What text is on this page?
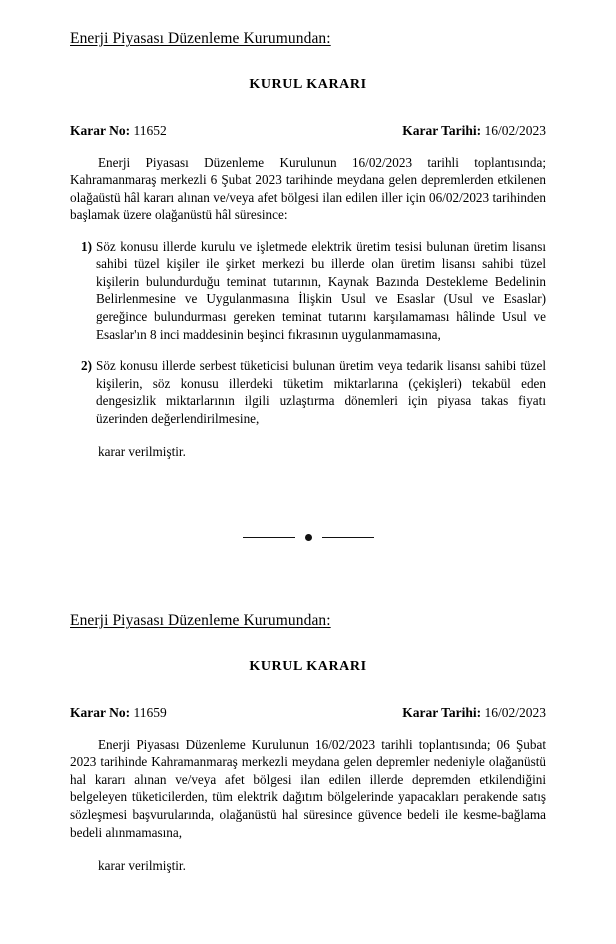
Enerji Piyasası Düzenleme Kurumundan:
KURUL KARARI
Karar No: 11652	Karar Tarihi: 16/02/2023

Enerji Piyasası Düzenleme Kurulunun 16/02/2023 tarihli toplantısında; Kahramanmaraş merkezli 6 Şubat 2023 tarihinde meydana gelen depremlerden etkilenen olağaüstü hâl kararı alınan ve/veya afet bölgesi ilan edilen iller için 06/02/2023 tarihinden başlamak üzere olağanüstü hâl süresince:

1) Söz konusu illerde kurulu ve işletmede elektrik üretim tesisi bulunan üretim lisansı sahibi tüzel kişiler ile şirket merkezi bu illerde olan üretim lisansı sahibi tüzel kişilerin bulundurduğu teminat tutarının, Kaynak Bazında Destekleme Bedelinin Belirlenmesine ve Uygulanmasına İlişkin Usul ve Esaslar (Usul ve Esaslar) gereğince bulundurması gereken teminat tutarını karşılamaması hâlinde Usul ve Esaslar'ın 8 inci maddesinin beşinci fıkrasının uygulanmamasına,
2) Söz konusu illerde serbest tüketicisi bulunan üretim veya tedarik lisansı sahibi tüzel kişilerin, söz konusu illerdeki tüketim miktarlarına (çekişleri) tekabül eden dengesizlik miktarlarının ilgili uzlaştırma dönemleri için piyasa takas fiyatı üzerinden değerlendirilmesine,

karar verilmiştir.

Enerji Piyasası Düzenleme Kurumundan:
KURUL KARARI
Karar No: 11659	Karar Tarihi: 16/02/2023

Enerji Piyasası Düzenleme Kurulunun 16/02/2023 tarihli toplantısında; 06 Şubat 2023 tarihinde Kahramanmaraş merkezli meydana gelen depremler nedeniyle olağanüstü hal kararı alınan ve/veya afet bölgesi ilan edilen illerde depremden etkilendiğini belgeleyen tüketicilerden, tüm elektrik dağıtım bölgelerinde yapacakları perakende satış sözleşmesi başvurularında, olağanüstü hal süresince güvence bedeli ile kesme-bağlama bedeli alınmamasına,

karar verilmiştir.
